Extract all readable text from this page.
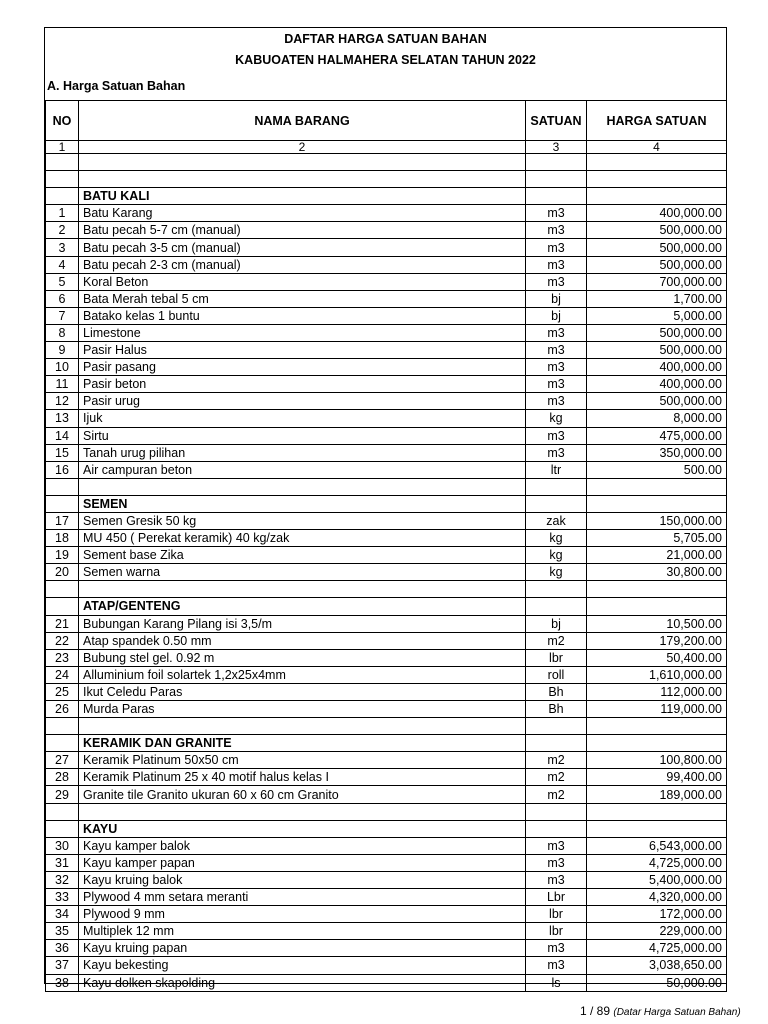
DAFTAR HARGA SATUAN BAHAN
KABUOATEN HALMAHERA SELATAN TAHUN 2022
A. Harga Satuan Bahan
NO	NAMA BARANG	SATUAN	HARGA SATUAN
1	2	3	4

	BATU KALI		
1	Batu Karang	m3	400,000.00
2	Batu pecah 5-7 cm (manual)	m3	500,000.00
3	Batu pecah 3-5 cm (manual)	m3	500,000.00
4	Batu pecah 2-3 cm (manual)	m3	500,000.00
5	Koral Beton	m3	700,000.00
6	Bata Merah tebal 5 cm	bj	1,700.00
7	Batako kelas 1 buntu	bj	5,000.00
8	Limestone	m3	500,000.00
9	Pasir Halus	m3	500,000.00
10	Pasir pasang	m3	400,000.00
11	Pasir beton	m3	400,000.00
12	Pasir urug	m3	500,000.00
13	Ijuk	kg	8,000.00
14	Sirtu	m3	475,000.00
15	Tanah urug pilihan	m3	350,000.00
16	Air campuran beton	ltr	500.00

	SEMEN		
17	Semen Gresik 50 kg	zak	150,000.00
18	MU 450 ( Perekat keramik) 40 kg/zak	kg	5,705.00
19	Sement base Zika	kg	21,000.00
20	Semen warna	kg	30,800.00

	ATAP/GENTENG		
21	Bubungan Karang Pilang isi 3,5/m	bj	10,500.00
22	Atap spandek 0.50 mm	m2	179,200.00
23	Bubung stel gel. 0.92 m	lbr	50,400.00
24	Alluminium foil solartek 1,2x25x4mm	roll	1,610,000.00
25	Ikut Celedu Paras	Bh	112,000.00
26	Murda Paras	Bh	119,000.00

	KERAMIK DAN GRANITE		
27	Keramik Platinum 50x50 cm	m2	100,800.00
28	Keramik Platinum 25 x 40 motif halus kelas I	m2	99,400.00
29	Granite tile Granito ukuran 60 x 60 cm Granito	m2	189,000.00

	KAYU		
30	Kayu kamper balok	m3	6,543,000.00
31	Kayu kamper papan	m3	4,725,000.00
32	Kayu kruing balok	m3	5,400,000.00
33	Plywood 4 mm setara meranti	Lbr	4,320,000.00
34	Plywood 9 mm	lbr	172,000.00
35	Multiplek 12 mm	lbr	229,000.00
36	Kayu kruing papan	m3	4,725,000.00
37	Kayu bekesting	m3	3,038,650.00
38	Kayu dolken skapolding	ls	50,000.00
1 / 89 (Datar Harga Satuan Bahan)
